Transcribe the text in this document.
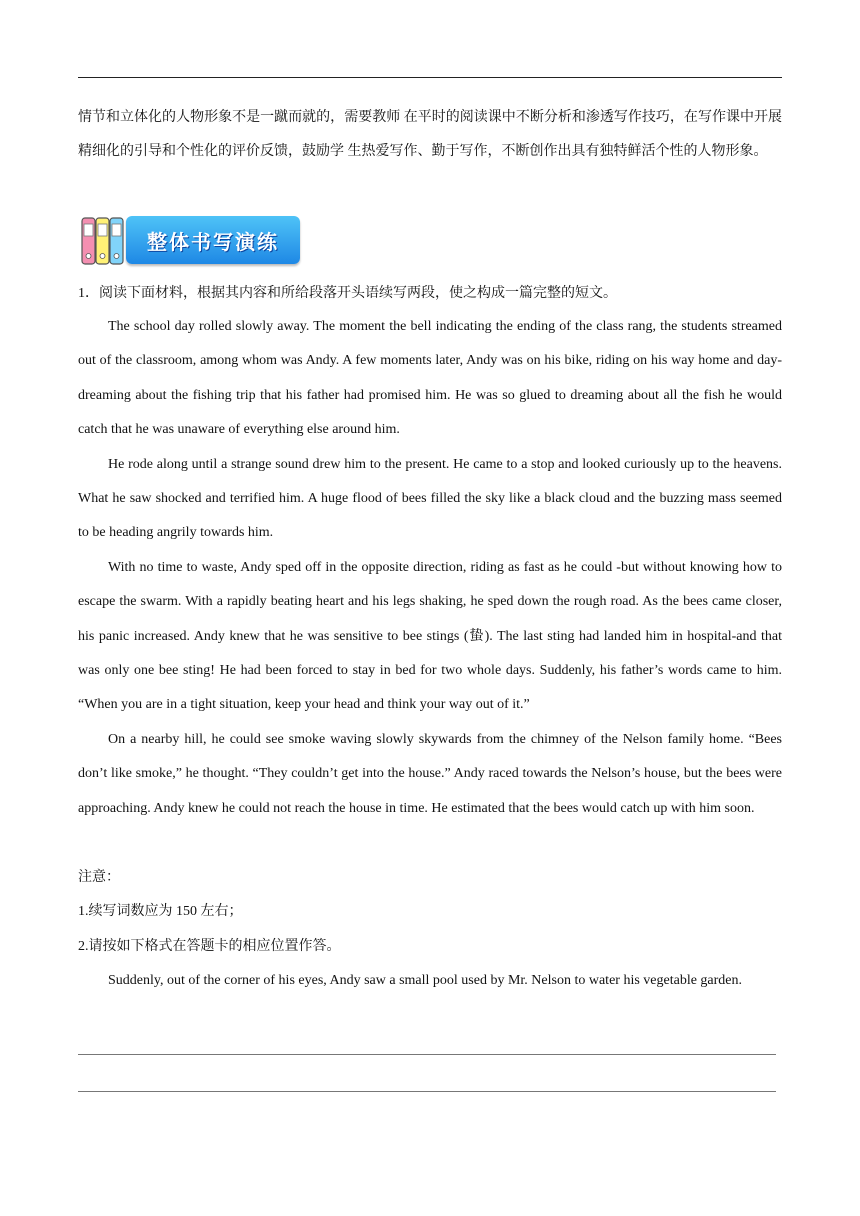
情节和立体化的人物形象不是一蹴而就的，需要教师 在平时的阅读课中不断分析和渗透写作技巧，在写作课中开展精细化的引导和个性化的评价反馈，鼓励学 生热爱写作、勤于写作，不断创作出具有独特鲜活个性的人物形象。
整体书写演练
1．阅读下面材料，根据其内容和所给段落开头语续写两段，使之构成一篇完整的短文。

The school day rolled slowly away. The moment the bell indicating the ending of the class rang, the students streamed out of the classroom, among whom was Andy. A few moments later, Andy was on his bike, riding on his way home and day-dreaming about the fishing trip that his father had promised him. He was so glued to dreaming about all the fish he would catch that he was unaware of everything else around him.

He rode along until a strange sound drew him to the present. He came to a stop and looked curiously up to the heavens. What he saw shocked and terrified him. A huge flood of bees filled the sky like a black cloud and the buzzing mass seemed to be heading angrily towards him.

With no time to waste, Andy sped off in the opposite direction, riding as fast as he could -but without knowing how to escape the swarm. With a rapidly beating heart and his legs shaking, he sped down the rough road. As the bees came closer, his panic increased. Andy knew that he was sensitive to bee stings (蛰). The last sting had landed him in hospital-and that was only one bee sting! He had been forced to stay in bed for two whole days. Suddenly, his father’s words came to him. “When you are in a tight situation, keep your head and think your way out of it.”

On a nearby hill, he could see smoke waving slowly skywards from the chimney of the Nelson family home. “Bees don’t like smoke,” he thought. “They couldn’t get into the house.” Andy raced towards the Nelson’s house, but the bees were approaching. Andy knew he could not reach the house in time. He estimated that the bees would catch up with him soon.

注意：

1.续写词数应为 150 左右；

2.请按如下格式在答题卡的相应位置作答。

Suddenly, out of the corner of his eyes, Andy saw a small pool used by Mr. Nelson to water his vegetable garden.
